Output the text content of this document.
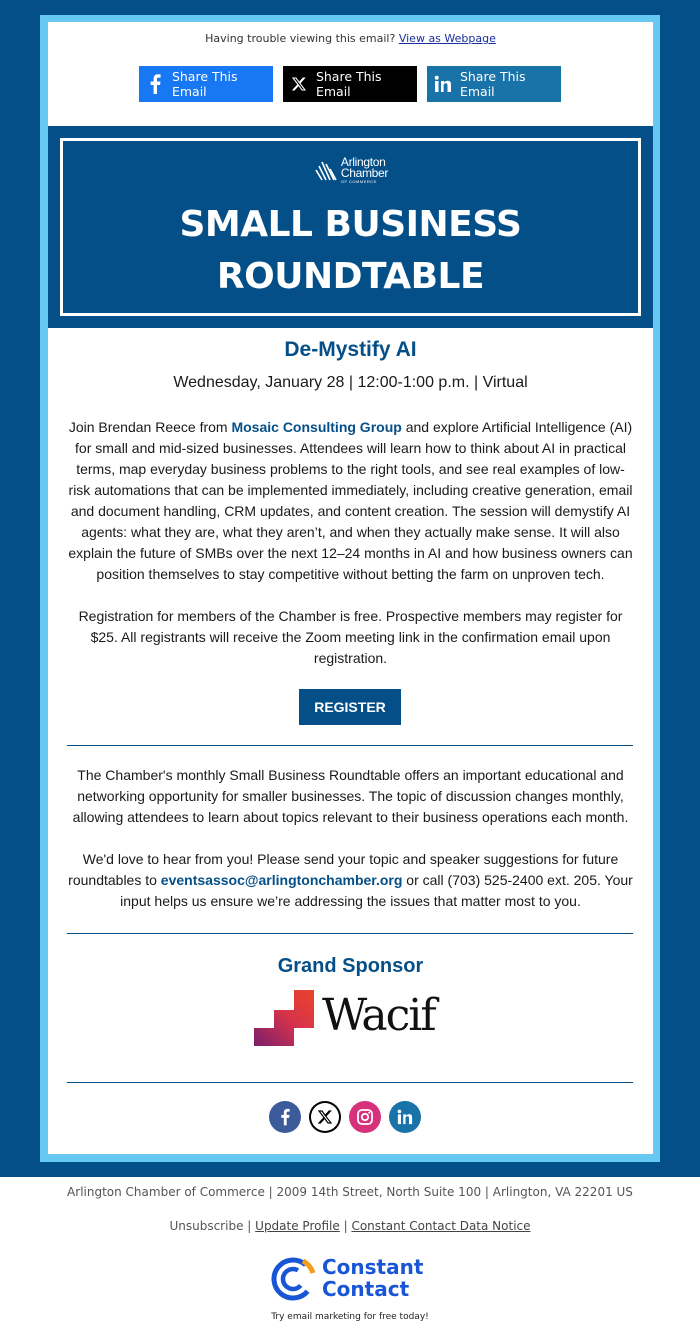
Having trouble viewing this email? View as Webpage
Share This Email
Share This Email
Share This Email
Arlington
Chamber
OF COMMERCE
SMALL BUSINESS
ROUNDTABLE
De-Mystify AI
Wednesday, January 28 | 12:00-1:00 p.m. | Virtual
Join Brendan Reece from Mosaic Consulting Group and explore Artificial Intelligence (AI) for small and mid-sized businesses. Attendees will learn how to think about AI in practical terms, map everyday business problems to the right tools, and see real examples of low-risk automations that can be implemented immediately, including creative generation, email and document handling, CRM updates, and content creation. The session will demystify AI agents: what they are, what they aren’t, and when they actually make sense. It will also explain the future of SMBs over the next 12–24 months in AI and how business owners can position themselves to stay competitive without betting the farm on unproven tech.
Registration for members of the Chamber is free. Prospective members may register for $25. All registrants will receive the Zoom meeting link in the confirmation email upon registration.
REGISTER
The Chamber's monthly Small Business Roundtable offers an important educational and networking opportunity for smaller businesses. The topic of discussion changes monthly, allowing attendees to learn about topics relevant to their business operations each month.
We'd love to hear from you! Please send your topic and speaker suggestions for future roundtables to eventsassoc@arlingtonchamber.org or call (703) 525-2400 ext. 205. Your input helps us ensure we’re addressing the issues that matter most to you.
Grand Sponsor
Wacif
Arlington Chamber of Commerce | 2009 14th Street, North Suite 100 | Arlington, VA 22201 US
Unsubscribe | Update Profile | Constant Contact Data Notice
Constant
Contact
Try email marketing for free today!
